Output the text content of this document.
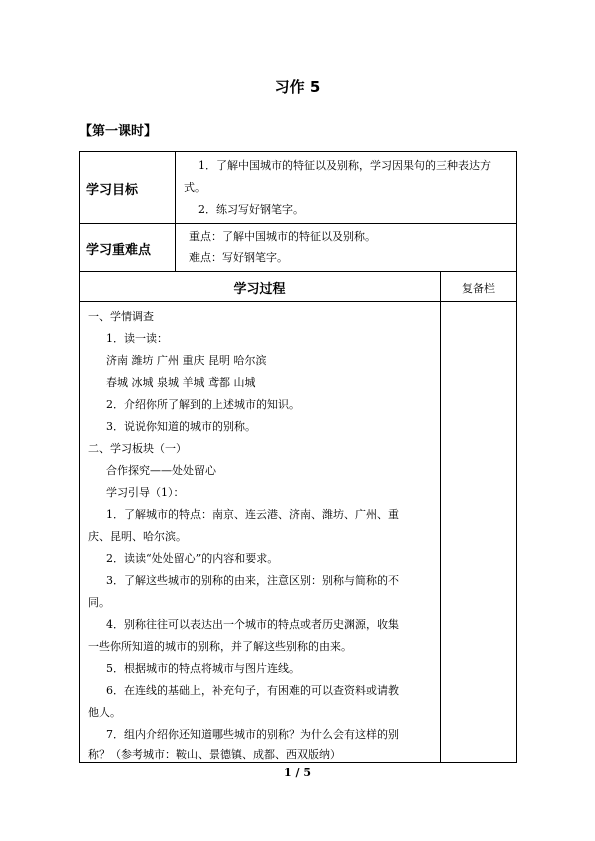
习作 5
【第一课时】
学习目标
1．了解中国城市的特征以及别称，学习因果句的三种表达方
式。
2．练习写好钢笔字。
学习重难点
重点：了解中国城市的特征以及别称。
难点：写好钢笔字。
学习过程	复备栏
一、学情调查
1．读一读：
济南 潍坊 广州 重庆 昆明 哈尔滨
春城 冰城 泉城 羊城 鸢都 山城
2．介绍你所了解到的上述城市的知识。
3．说说你知道的城市的别称。
二、学习板块（一）
合作探究——处处留心
学习引导（1）：
1．了解城市的特点：南京、连云港、济南、潍坊、广州、重
庆、昆明、哈尔滨。
2．读读“处处留心”的内容和要求。
3．了解这些城市的别称的由来，注意区别：别称与简称的不
同。
4．别称往往可以表达出一个城市的特点或者历史渊源，收集
一些你所知道的城市的别称，并了解这些别称的由来。
5．根据城市的特点将城市与图片连线。
6．在连线的基础上，补充句子，有困难的可以查资料或请教
他人。
7．组内介绍你还知道哪些城市的别称？为什么会有这样的别
称？（参考城市：鞍山、景德镇、成都、西双版纳）
1 / 5
